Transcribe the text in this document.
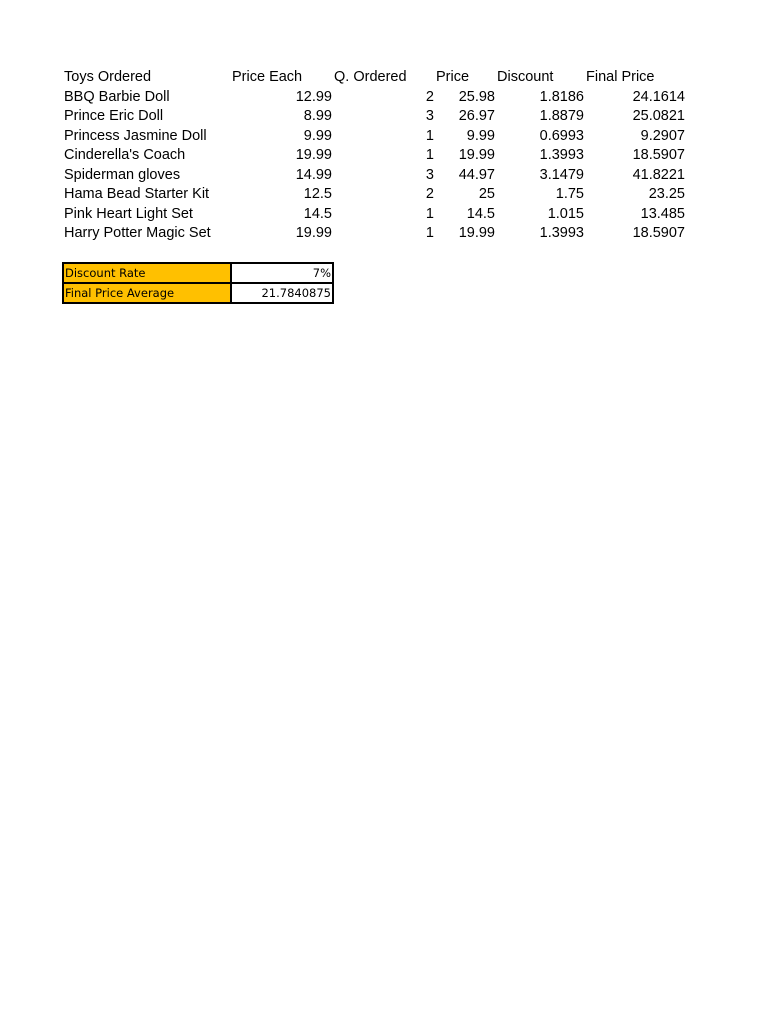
Toys Ordered	Price Each	Q. Ordered	Price	Discount	Final Price
BBQ Barbie Doll	12.99	2	25.98	1.8186	24.1614
Prince Eric Doll	8.99	3	26.97	1.8879	25.0821
Princess Jasmine Doll	9.99	1	9.99	0.6993	9.2907
Cinderella's Coach	19.99	1	19.99	1.3993	18.5907
Spiderman gloves	14.99	3	44.97	3.1479	41.8221
Hama Bead Starter Kit	12.5	2	25	1.75	23.25
Pink Heart Light Set	14.5	1	14.5	1.015	13.485
Harry Potter Magic Set	19.99	1	19.99	1.3993	18.5907
Discount Rate	7%
Final Price Average	21.7840875
